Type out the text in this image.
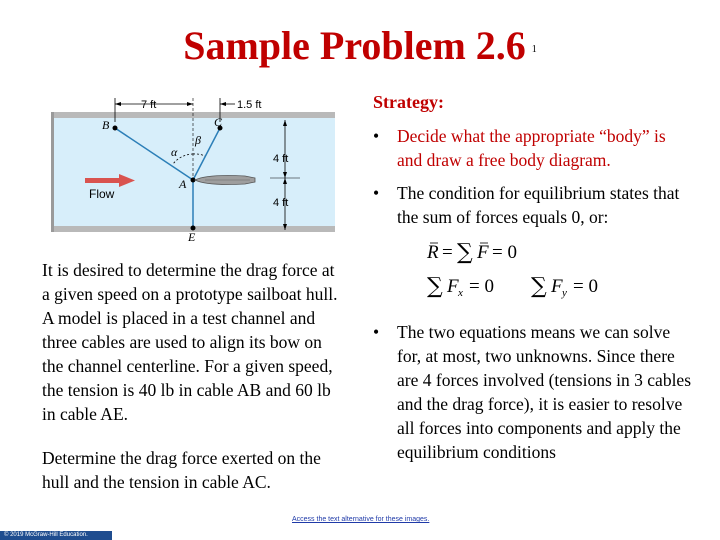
Sample Problem 2.6 1
7 ft	1.5 ft
4 ft
4 ft
B	C
A
E
α
β
Flow

It is desired to determine the drag force at a given speed on a prototype sailboat hull. A model is placed in a test channel and three cables are used to align its bow on the channel centerline. For a given speed, the tension is 40 lb in cable AB and 60 lb in cable AE.

Determine the drag force exerted on the hull and the tension in cable AC.

Strategy:
• Decide what the appropriate “body” is and draw a free body diagram.
• The condition for equilibrium states that the sum of forces equals 0, or:
R = ∑ F = 0
∑ F x = 0 ∑ F y = 0
• The two equations means we can solve for, at most, two unknowns. Since there are 4 forces involved (tensions in 3 cables and the drag force), it is easier to resolve all forces into components and apply the equilibrium conditions
Access the text alternative for these images.
© 2019 McGraw-Hill Education.
